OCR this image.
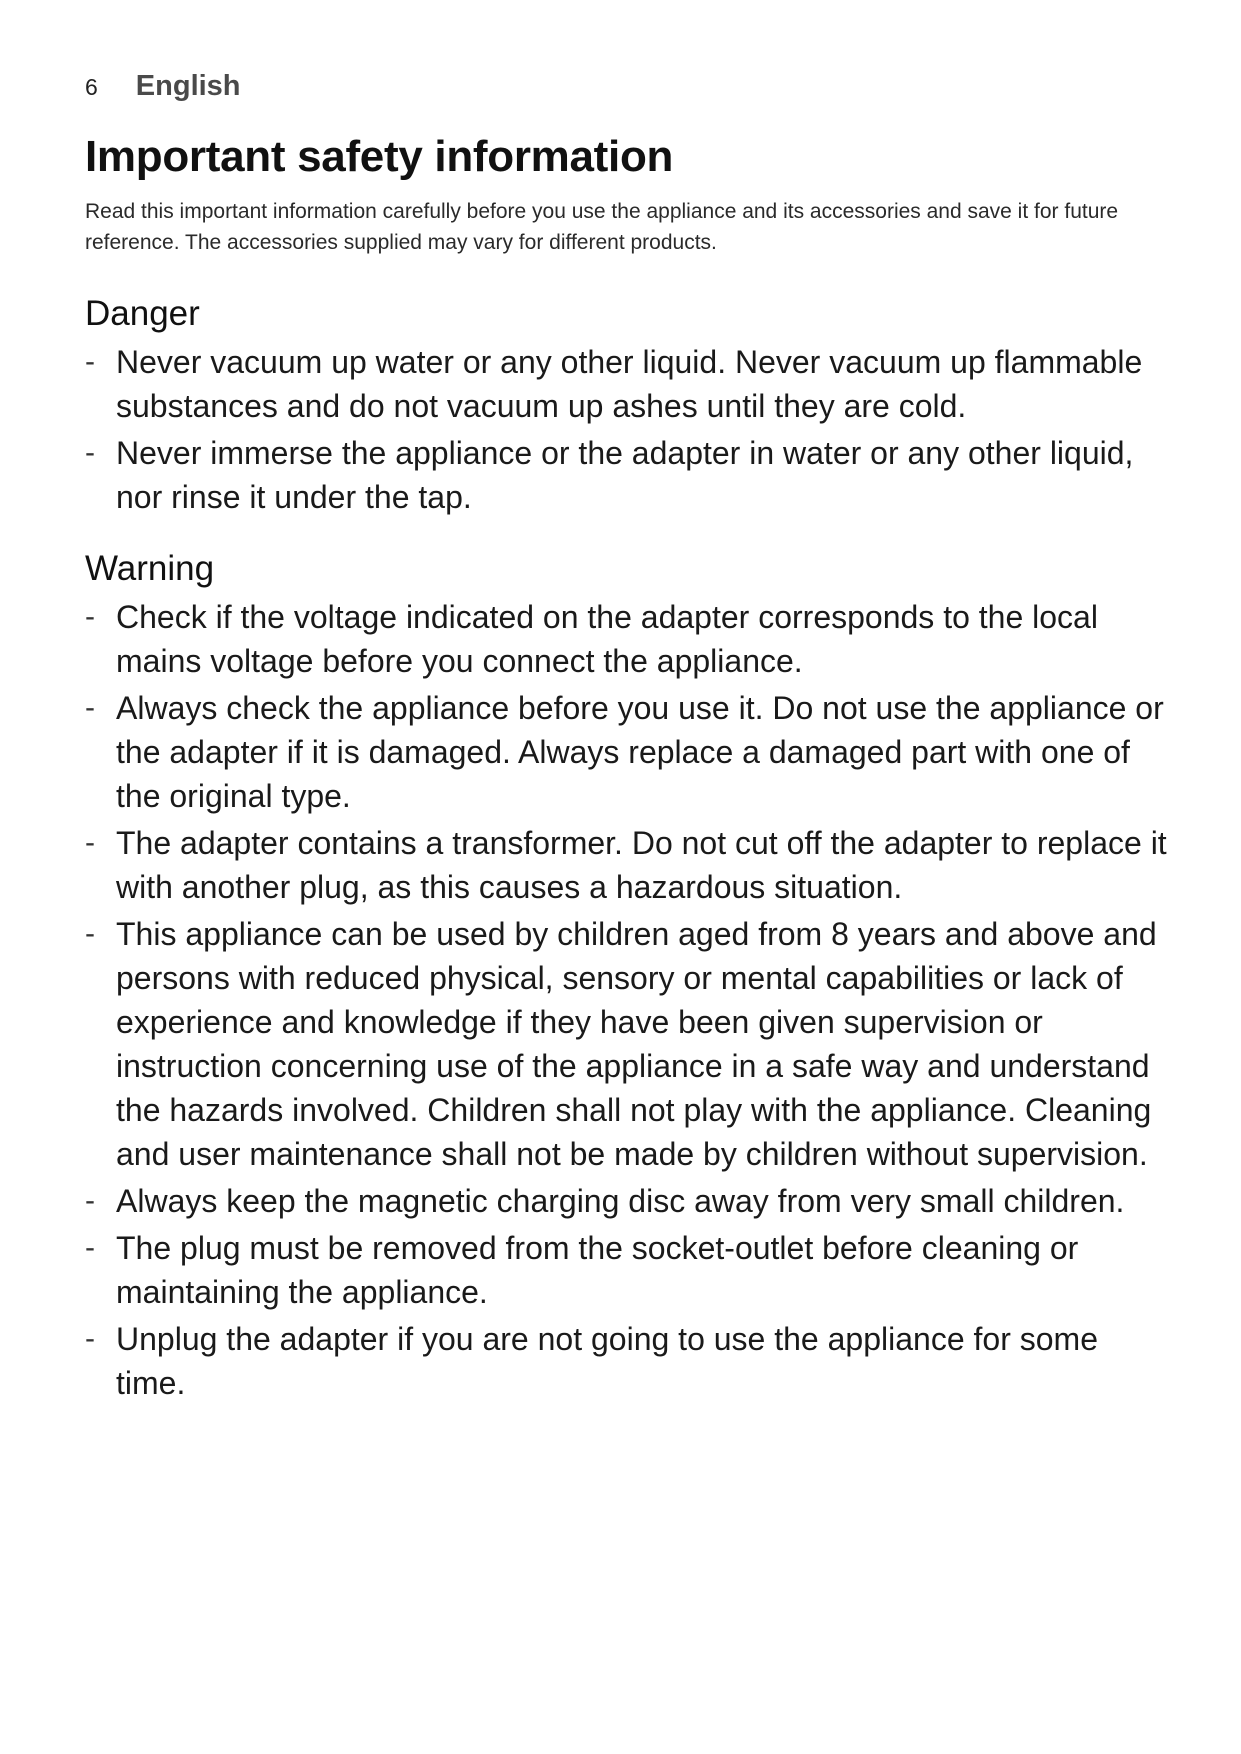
6 English
Important safety information

Read this important information carefully before you use the appliance and its accessories and save it for future reference. The accessories supplied may vary for different products.

Danger
- Never vacuum up water or any other liquid. Never vacuum up flammable substances and do not vacuum up ashes until they are cold.
- Never immerse the appliance or the adapter in water or any other liquid, nor rinse it under the tap.
Warning
- Check if the voltage indicated on the adapter corresponds to the local mains voltage before you connect the appliance.
- Always check the appliance before you use it. Do not use the appliance or the adapter if it is damaged. Always replace a damaged part with one of the original type.
- The adapter contains a transformer. Do not cut off the adapter to replace it with another plug, as this causes a hazardous situation.
- This appliance can be used by children aged from 8 years and above and persons with reduced physical, sensory or mental capabilities or lack of experience and knowledge if they have been given supervision or instruction concerning use of the appliance in a safe way and understand the hazards involved. Children shall not play with the appliance. Cleaning and user maintenance shall not be made by children without supervision.
- Always keep the magnetic charging disc away from very small children.
- The plug must be removed from the socket-outlet before cleaning or maintaining the appliance.
- Unplug the adapter if you are not going to use the appliance for some time.
